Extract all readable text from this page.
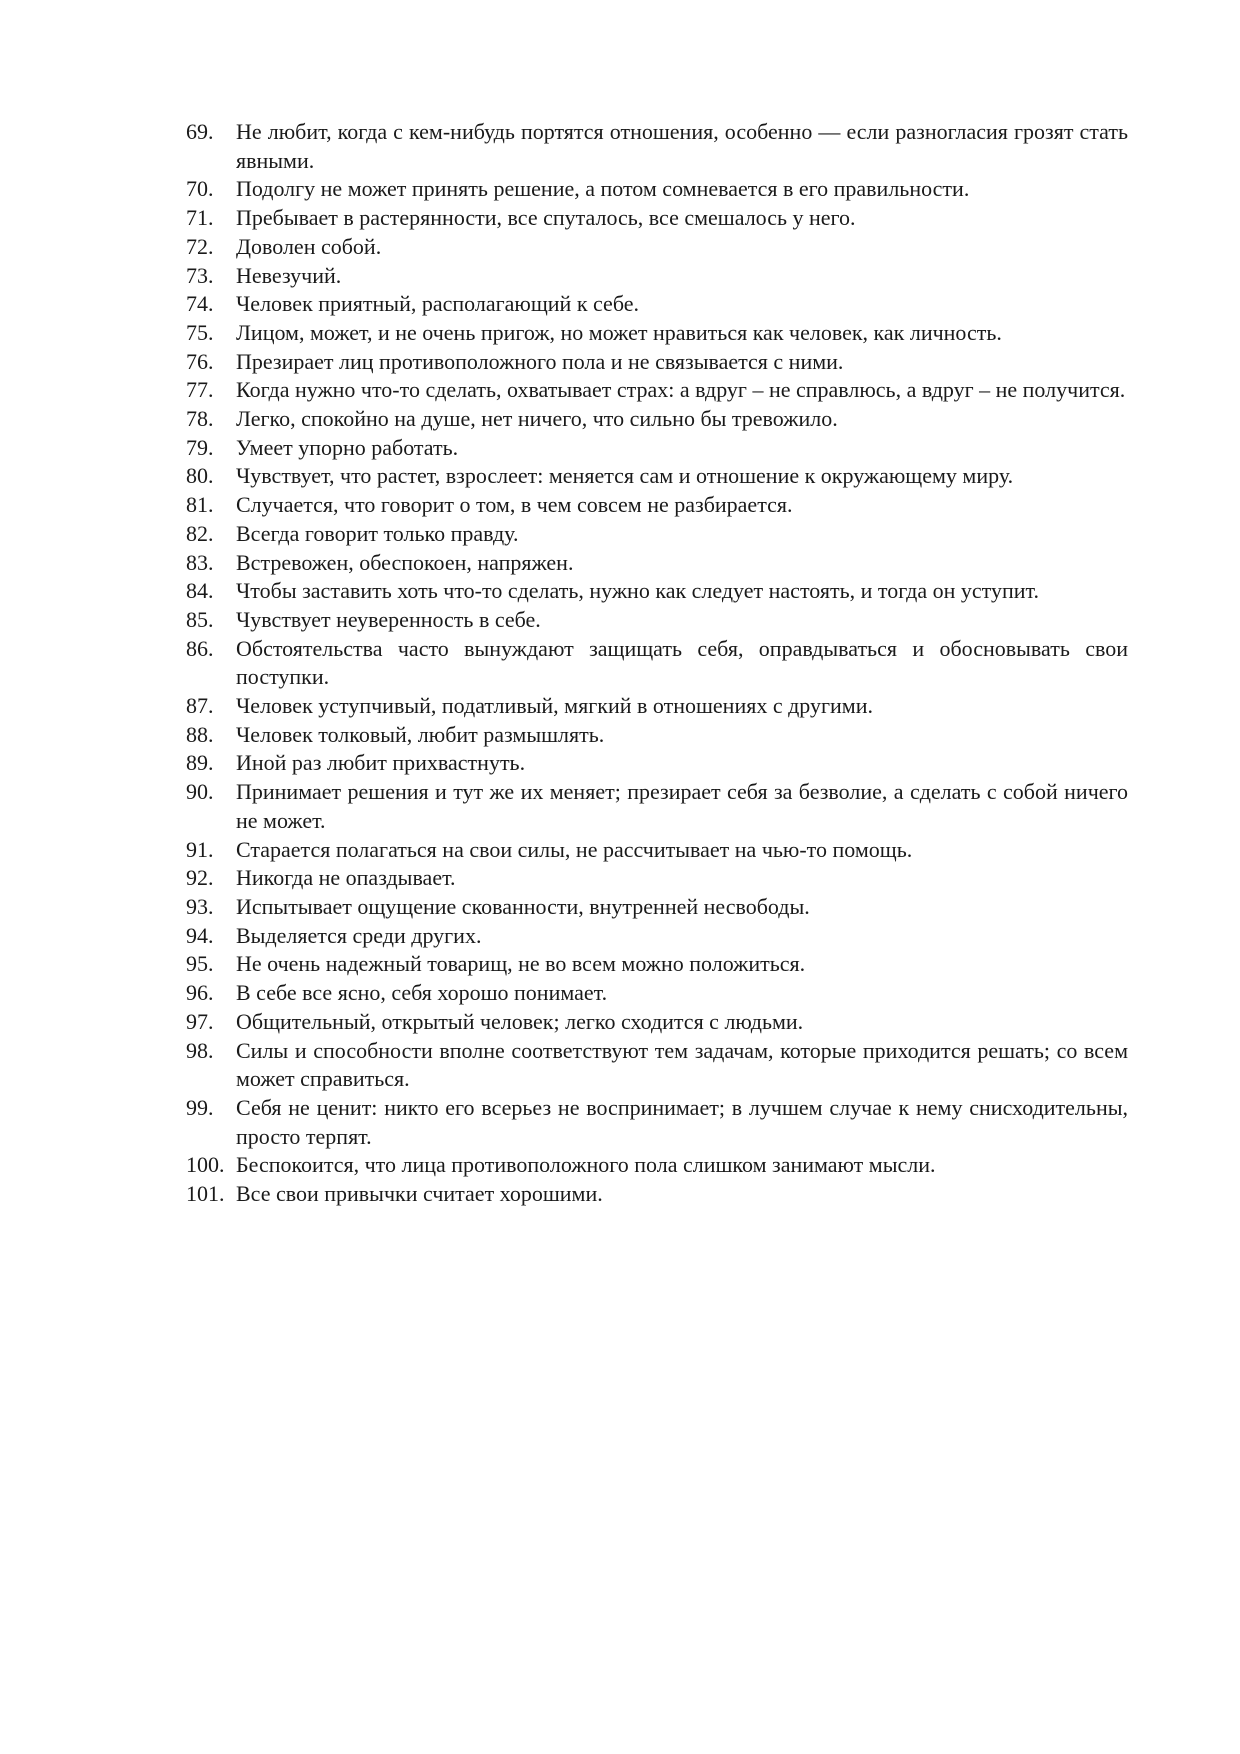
69.	Не любит, когда с кем-нибудь портятся отношения, особенно — если разногласия грозят стать явными.
70.	Подолгу не может принять решение, а потом сомневается в его правильности.
71.	Пребывает в растерянности, все спуталось, все смешалось у него.
72.	Доволен собой.
73.	Невезучий.
74.	Человек приятный, располагающий к себе.
75.	Лицом, может, и не очень пригож, но может нравиться как человек, как личность.
76.	Презирает лиц противоположного пола и не связывается с ними.
77.	Когда нужно что-то сделать, охватывает страх: а вдруг – не справлюсь, а вдруг – не получится.
78.	Легко, спокойно на душе, нет ничего, что сильно бы тревожило.
79.	Умеет упорно работать.
80.	Чувствует, что растет, взрослеет: меняется сам и отношение к окружающему миру.
81.	Случается, что говорит о том, в чем совсем не разбирается.
82.	Всегда говорит только правду.
83.	Встревожен, обеспокоен, напряжен.
84.	Чтобы заставить хоть что-то сделать, нужно как следует настоять, и тогда он уступит.
85.	Чувствует неуверенность в себе.
86.	Обстоятельства часто вынуждают защищать себя, оправдываться и обосновывать свои поступки.
87.	Человек уступчивый, податливый, мягкий в отношениях с другими.
88.	Человек толковый, любит размышлять.
89.	Иной раз любит прихвастнуть.
90.	Принимает решения и тут же их меняет; презирает себя за безволие, а сделать с собой ничего не может.
91.	Старается полагаться на свои силы, не рассчитывает на чью-то помощь.
92.	Никогда не опаздывает.
93.	Испытывает ощущение скованности, внутренней несвободы.
94.	Выделяется среди других.
95.	Не очень надежный товарищ, не во всем можно положиться.
96.	В себе все ясно, себя хорошо понимает.
97.	Общительный, открытый человек; легко сходится с людьми.
98.	Силы и способности вполне соответствуют тем задачам, которые приходится решать; со всем может справиться.
99.	Себя не ценит: никто его всерьез не воспринимает; в лучшем случае к нему снисходительны, просто терпят.
100. Беспокоится, что лица противоположного пола слишком занимают мысли.
101. Все свои привычки считает хорошими.
